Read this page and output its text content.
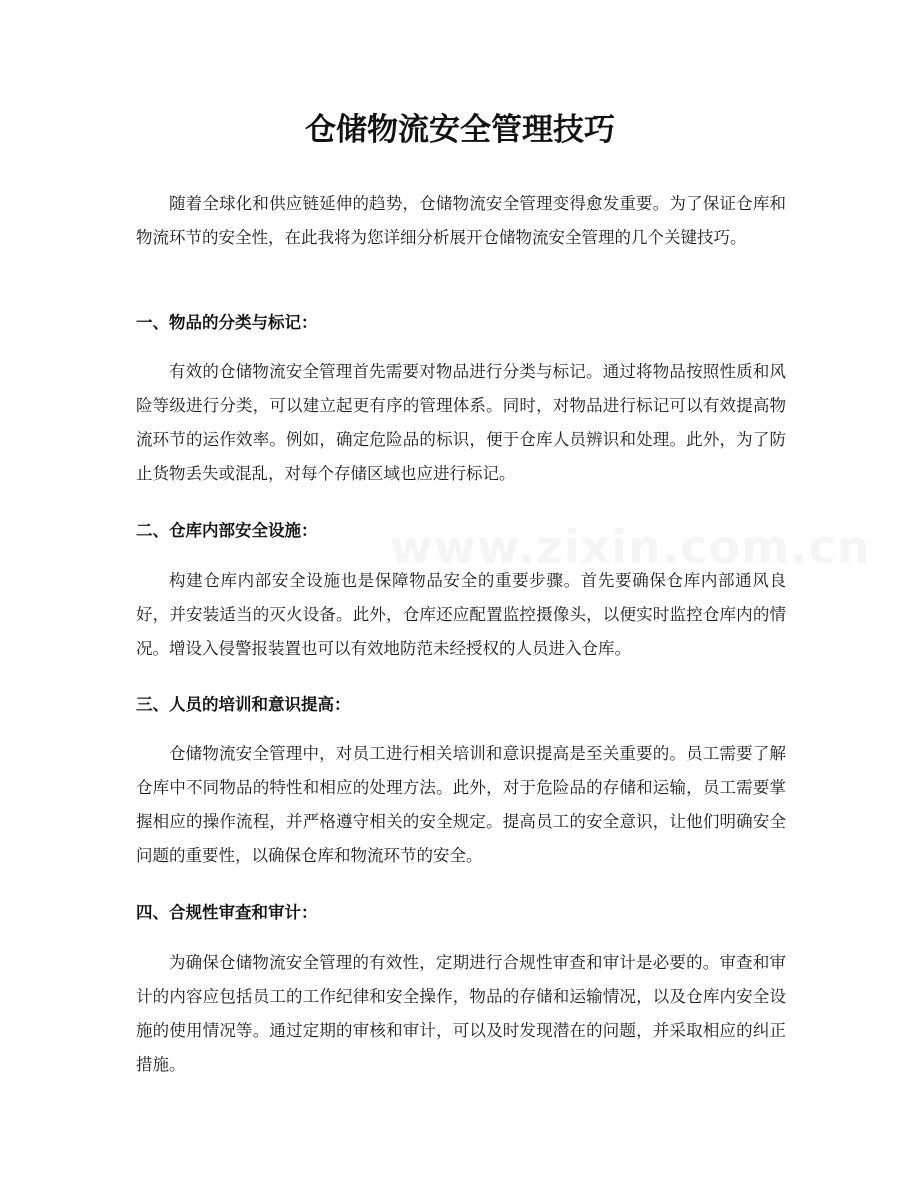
仓储物流安全管理技巧

随着全球化和供应链延伸的趋势，仓储物流安全管理变得愈发重要。为了保证仓库和物流环节的安全性，在此我将为您详细分析展开仓储物流安全管理的几个关键技巧。

一、物品的分类与标记：

有效的仓储物流安全管理首先需要对物品进行分类与标记。通过将物品按照性质和风险等级进行分类，可以建立起更有序的管理体系。同时，对物品进行标记可以有效提高物流环节的运作效率。例如，确定危险品的标识，便于仓库人员辨识和处理。此外，为了防止货物丢失或混乱，对每个存储区域也应进行标记。

二、仓库内部安全设施：

构建仓库内部安全设施也是保障物品安全的重要步骤。首先要确保仓库内部通风良好，并安装适当的灭火设备。此外，仓库还应配置监控摄像头，以便实时监控仓库内的情况。增设入侵警报装置也可以有效地防范未经授权的人员进入仓库。

三、人员的培训和意识提高：

仓储物流安全管理中，对员工进行相关培训和意识提高是至关重要的。员工需要了解仓库中不同物品的特性和相应的处理方法。此外，对于危险品的存储和运输，员工需要掌握相应的操作流程，并严格遵守相关的安全规定。提高员工的安全意识，让他们明确安全问题的重要性，以确保仓库和物流环节的安全。

四、合规性审查和审计：

为确保仓储物流安全管理的有效性，定期进行合规性审查和审计是必要的。审查和审计的内容应包括员工的工作纪律和安全操作，物品的存储和运输情况，以及仓库内安全设施的使用情况等。通过定期的审核和审计，可以及时发现潜在的问题，并采取相应的纠正措施。

www.zixin.com.cn
